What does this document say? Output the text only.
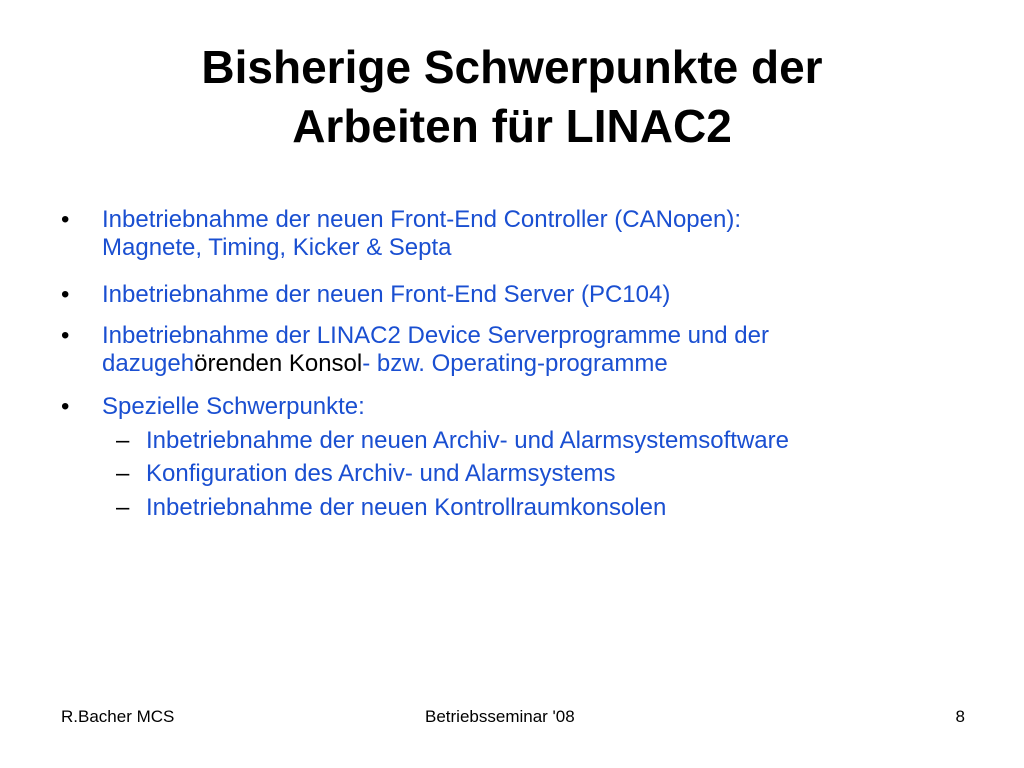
Bisherige Schwerpunkte der
Arbeiten für LINAC2
• Inbetriebnahme der neuen Front-End Controller (CANopen):
Magnete, Timing, Kicker & Septa
• Inbetriebnahme der neuen Front-End Server (PC104)
• Inbetriebnahme der LINAC2 Device Serverprogramme und der
dazugehörenden Konsol- bzw. Operating-programme
• Spezielle Schwerpunkte:
– Inbetriebnahme der neuen Archiv- und Alarmsystemsoftware
– Konfiguration des Archiv- und Alarmsystems
– Inbetriebnahme der neuen Kontrollraumkonsolen
R.Bacher MCS	Betriebsseminar '08	8
